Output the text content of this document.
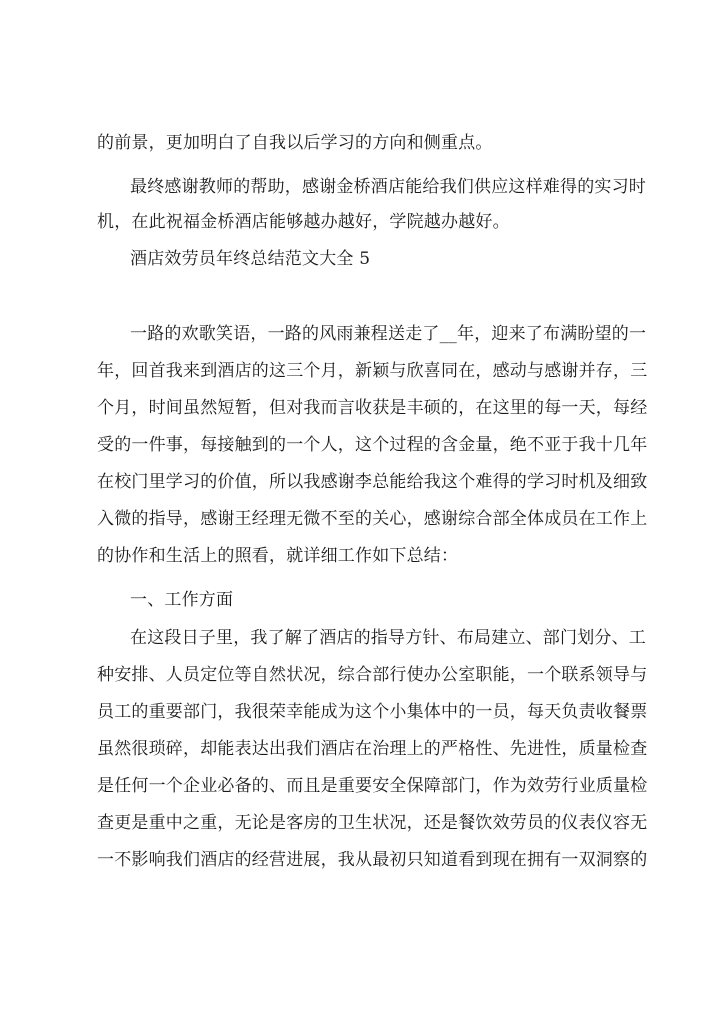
的前景，更加明白了自我以后学习的方向和侧重点。
最终感谢教师的帮助，感谢金桥酒店能给我们供应这样难得的实习时
机，在此祝福金桥酒店能够越办越好，学院越办越好。
酒店效劳员年终总结范文大全 5
一路的欢歌笑语，一路的风雨兼程送走了__年，迎来了布满盼望的一
年，回首我来到酒店的这三个月，新颖与欣喜同在，感动与感谢并存，三
个月，时间虽然短暂，但对我而言收获是丰硕的，在这里的每一天，每经
受的一件事，每接触到的一个人，这个过程的含金量，绝不亚于我十几年
在校门里学习的价值，所以我感谢李总能给我这个难得的学习时机及细致
入微的指导，感谢王经理无微不至的关心，感谢综合部全体成员在工作上
的协作和生活上的照看，就详细工作如下总结：
一、工作方面
在这段日子里，我了解了酒店的指导方针、布局建立、部门划分、工
种安排、人员定位等自然状况，综合部行使办公室职能，一个联系领导与
员工的重要部门，我很荣幸能成为这个小集体中的一员，每天负责收餐票
虽然很琐碎，却能表达出我们酒店在治理上的严格性、先进性，质量检查
是任何一个企业必备的、而且是重要安全保障部门，作为效劳行业质量检
查更是重中之重，无论是客房的卫生状况，还是餐饮效劳员的仪表仪容无
一不影响我们酒店的经营进展，我从最初只知道看到现在拥有一双洞察的
